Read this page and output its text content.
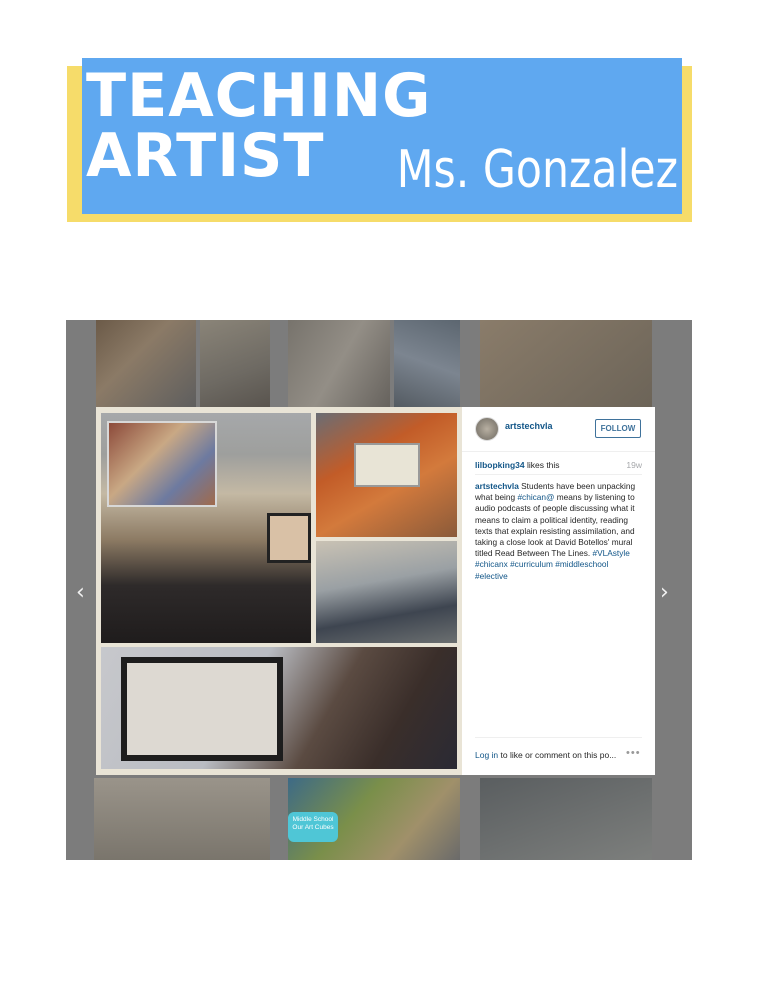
TEACHING ARTIST	Ms. Gonzalez
Middle School Our Art Cubes
‹	›
artstechvla	FOLLOW
lilbopking34 likes this	19w
artstechvla Students have been unpacking what being #chican@ means by listening to audio podcasts of people discussing what it means to claim a political identity, reading texts that explain resisting assimilation, and taking a close look at David Botellos' mural titled Read Between The Lines. #VLAstyle #chicanx #curriculum #middleschool #elective
Log in to like or comment on this po... •••
